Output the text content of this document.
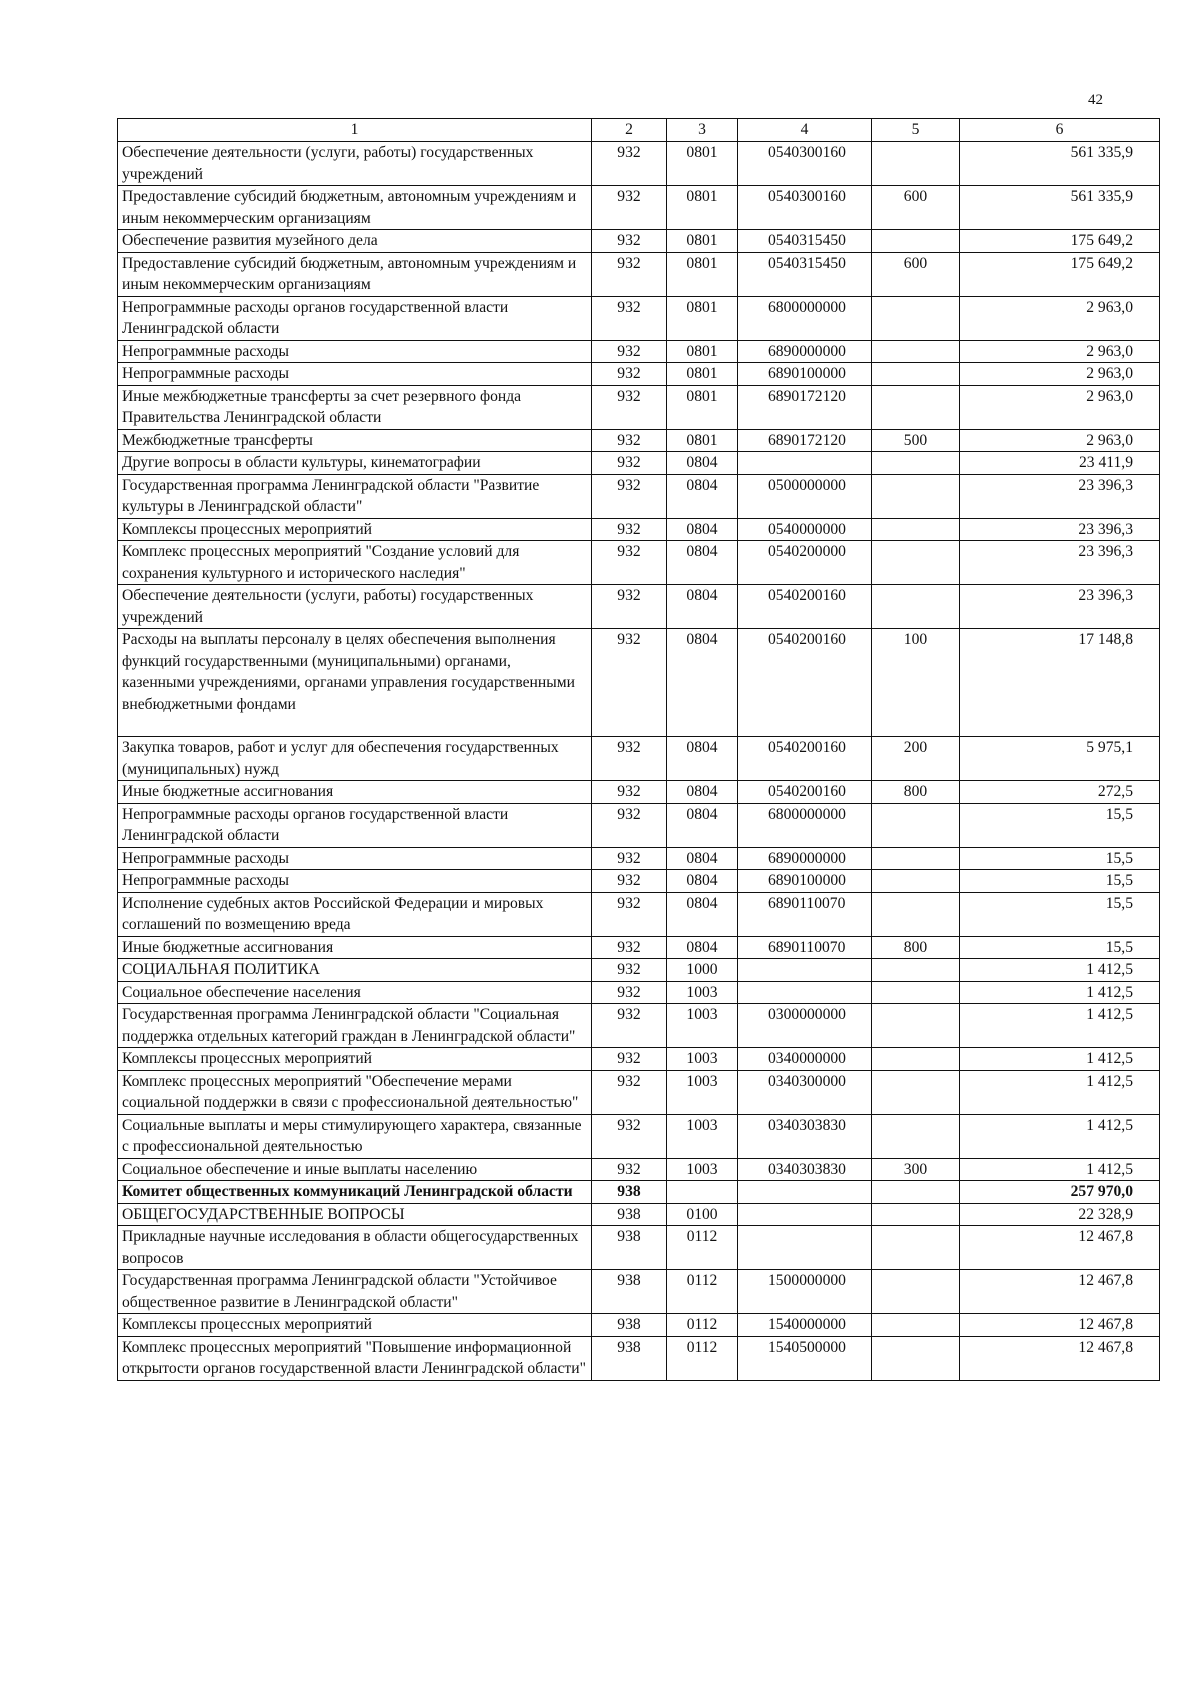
42
1	2	3	4	5	6
Обеспечение деятельности (услуги, работы) государственных учреждений	932	0801	0540300160		561 335,9
Предоставление субсидий бюджетным, автономным учреждениям и иным некоммерческим организациям	932	0801	0540300160	600	561 335,9
Обеспечение развития музейного дела	932	0801	0540315450		175 649,2
Предоставление субсидий бюджетным, автономным учреждениям и иным некоммерческим организациям	932	0801	0540315450	600	175 649,2
Непрограммные расходы органов государственной власти Ленинградской области	932	0801	6800000000		2 963,0
Непрограммные расходы	932	0801	6890000000		2 963,0
Непрограммные расходы	932	0801	6890100000		2 963,0
Иные межбюджетные трансферты за счет резервного фонда Правительства Ленинградской области	932	0801	6890172120		2 963,0
Межбюджетные трансферты	932	0801	6890172120	500	2 963,0
Другие вопросы в области культуры, кинематографии	932	0804			23 411,9
Государственная программа Ленинградской области "Развитие культуры в Ленинградской области"	932	0804	0500000000		23 396,3
Комплексы процессных мероприятий	932	0804	0540000000		23 396,3
Комплекс процессных мероприятий "Создание условий для сохранения культурного и исторического наследия"	932	0804	0540200000		23 396,3
Обеспечение деятельности (услуги, работы) государственных учреждений	932	0804	0540200160		23 396,3
Расходы на выплаты персоналу в целях обеспечения выполнения функций государственными (муниципальными) органами, казенными учреждениями, органами управления государственными внебюджетными фондами	932	0804	0540200160	100	17 148,8
Закупка товаров, работ и услуг для обеспечения государственных (муниципальных) нужд	932	0804	0540200160	200	5 975,1
Иные бюджетные ассигнования	932	0804	0540200160	800	272,5
Непрограммные расходы органов государственной власти Ленинградской области	932	0804	6800000000		15,5
Непрограммные расходы	932	0804	6890000000		15,5
Непрограммные расходы	932	0804	6890100000		15,5
Исполнение судебных актов Российской Федерации и мировых соглашений по возмещению вреда	932	0804	6890110070		15,5
Иные бюджетные ассигнования	932	0804	6890110070	800	15,5
СОЦИАЛЬНАЯ ПОЛИТИКА	932	1000			1 412,5
Социальное обеспечение населения	932	1003			1 412,5
Государственная программа Ленинградской области "Социальная поддержка отдельных категорий граждан в Ленинградской области"	932	1003	0300000000		1 412,5
Комплексы процессных мероприятий	932	1003	0340000000		1 412,5
Комплекс процессных мероприятий "Обеспечение мерами социальной поддержки в связи с профессиональной деятельностью"	932	1003	0340300000		1 412,5
Социальные выплаты и меры стимулирующего характера, связанные с профессиональной деятельностью	932	1003	0340303830		1 412,5
Социальное обеспечение и иные выплаты населению	932	1003	0340303830	300	1 412,5
Комитет общественных коммуникаций Ленинградской области	938				257 970,0
ОБЩЕГОСУДАРСТВЕННЫЕ ВОПРОСЫ	938	0100			22 328,9
Прикладные научные исследования в области общегосударственных вопросов	938	0112			12 467,8
Государственная программа Ленинградской области "Устойчивое общественное развитие в Ленинградской области"	938	0112	1500000000		12 467,8
Комплексы процессных мероприятий	938	0112	1540000000		12 467,8
Комплекс процессных мероприятий "Повышение информационной открытости органов государственной власти Ленинградской области"	938	0112	1540500000		12 467,8
